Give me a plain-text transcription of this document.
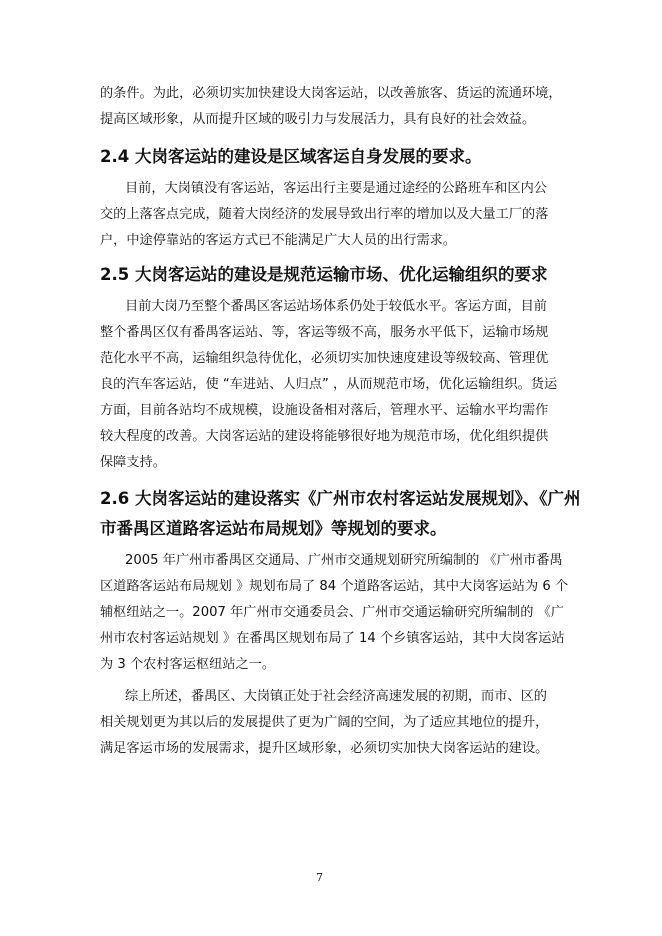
的条件。为此，必须切实加快建设大岗客运站，以改善旅客、货运的流通环境，
提高区域形象，从而提升区域的吸引力与发展活力，具有良好的社会效益。
2.4 大岗客运站的建设是区域客运自身发展的要求。
目前，大岗镇没有客运站，客运出行主要是通过途经的公路班车和区内公
交的上落客点完成，随着大岗经济的发展导致出行率的增加以及大量工厂的落
户，中途停靠站的客运方式已不能满足广大人员的出行需求。
2.5 大岗客运站的建设是规范运输市场、优化运输组织的要求
目前大岗乃至整个番禺区客运站场体系仍处于较低水平。客运方面，目前
整个番禺区仅有番禺客运站、等，客运等级不高，服务水平低下，运输市场规
范化水平不高，运输组织急待优化，必须切实加快速度建设等级较高、管理优
良的汽车客运站，使 “车进站、人归点” ，从而规范市场，优化运输组织。货运
方面，目前各站均不成规模，设施设备相对落后，管理水平、运输水平均需作
较大程度的改善。大岗客运站的建设将能够很好地为规范市场，优化组织提供
保障支持。
2.6 大岗客运站的建设落实《广州市农村客运站发展规划》、《广州
市番禺区道路客运站布局规划》等规划的要求。
2005 年广州市番禺区交通局、广州市交通规划研究所编制的 《广州市番禺
区道路客运站布局规划 》规划布局了 84 个道路客运站，其中大岗客运站为 6 个
辅枢纽站之一。2007 年广州市交通委员会、广州市交通运输研究所编制的 《广
州市农村客运站规划 》在番禺区规划布局了 14 个乡镇客运站，其中大岗客运站
为 3 个农村客运枢纽站之一。
综上所述，番禺区、大岗镇正处于社会经济高速发展的初期，而市、区的
相关规划更为其以后的发展提供了更为广阔的空间，为了适应其地位的提升，
满足客运市场的发展需求，提升区域形象，必须切实加快大岗客运站的建设。
7
